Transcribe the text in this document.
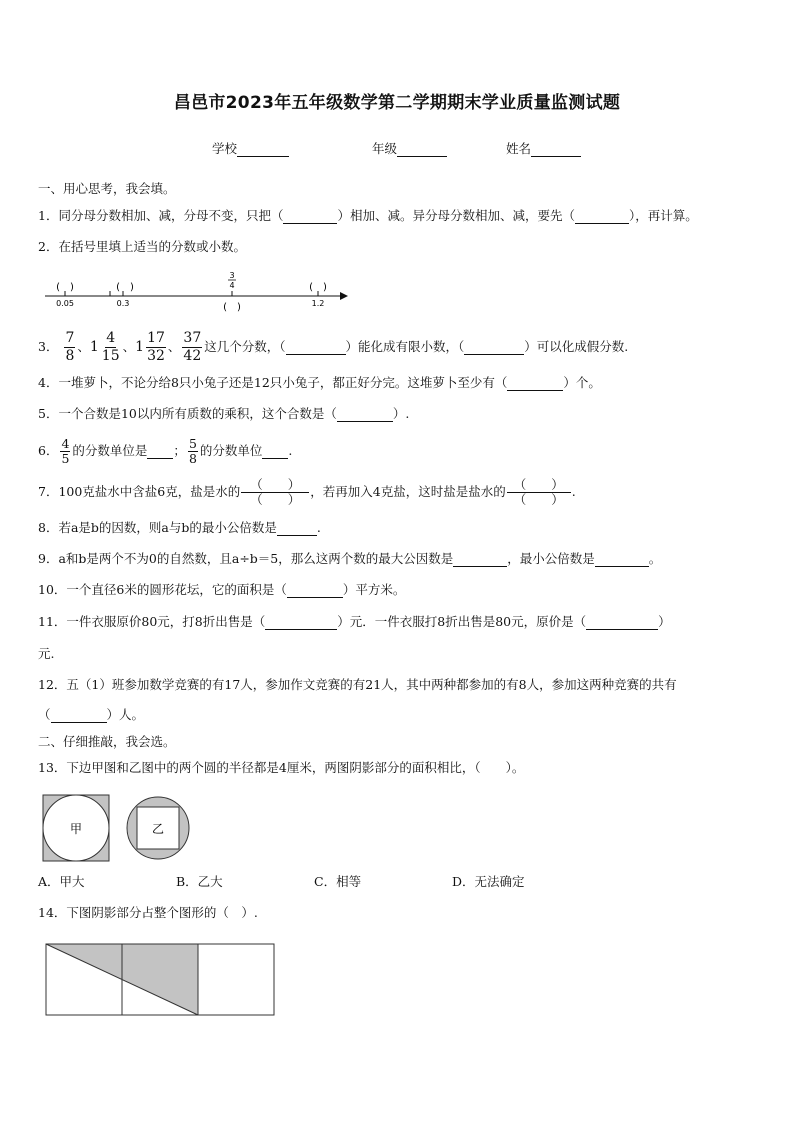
昌邑市2023年五年级数学第二学期期末学业质量监测试题
学校	年级	姓名
一、用心思考，我会填。
1．同分母分数相加、减，分母不变，只把（	）相加、减。异分母分数相加、减，要先（	），再计算。
2．在括号里填上适当的分数或小数。
(　)	(　)	(　)
3
4
0.05	0.3	1.2
(　)
3． $\frac{7}{8}$ 、$1 \frac{4}{15}$ 、$1 \frac{17}{32}$ 、 $\frac{37}{42}$ 这几个分数，（	）能化成有限小数，（	）可以化成假分数.
4．一堆萝卜，不论分给8只小兔子还是12只小兔子，都正好分完。这堆萝卜至少有（	）个。
5．一个合数是10以内所有质数的乘积，这个合数是（	）.
6． $\frac{4}{5}$ 的分数单位是 ； $\frac{5}{8}$ 的分数单位 .
7．100克盐水中含盐6克，盐是水的 $\frac{( )}{( )}$ ，若再加入4克盐，这时盐是盐水的 $\frac{( )}{( )}$ .
8．若a是b的因数，则a与b的最小公倍数是	.
9．a和b是两个不为0的自然数，且a÷b＝5，那么这两个数的最大公因数是	，最小公倍数是	。
10．一个直径6米的圆形花坛，它的面积是（	）平方米。
11．一件衣服原价80元，打8折出售是（	）元．一件衣服打8折出售是80元，原价是（	）
元.
12．五（1）班参加数学竞赛的有17人，参加作文竞赛的有21人，其中两种都参加的有8人，参加这两种竞赛的共有
（	）人。
二、仔细推敲，我会选。
13．下边甲图和乙图中的两个圆的半径都是4厘米，两图阴影部分的面积相比，（　　）。
甲	乙
A．甲大	B．乙大	C．相等	D．无法确定
14．下图阴影部分占整个图形的（　）.
